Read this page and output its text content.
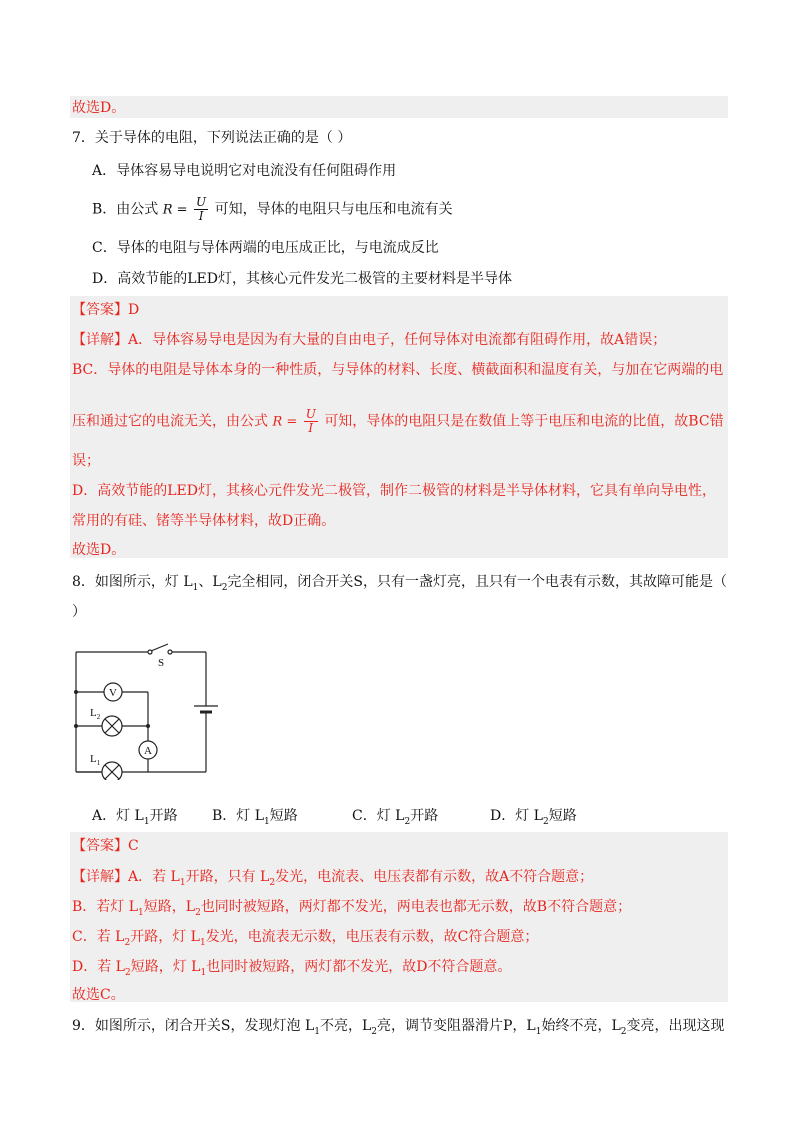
故选D。
7．关于导体的电阻，下列说法正确的是（ ）
A．导体容易导电说明它对电流没有任何阻碍作用
B．由公式 $R = \frac{U}{I}$ 可知，导体的电阻只与电压和电流有关
C．导体的电阻与导体两端的电压成正比，与电流成反比
D．高效节能的LED灯，其核心元件发光二极管的主要材料是半导体
【答案】D
【详解】A．导体容易导电是因为有大量的自由电子，任何导体对电流都有阻碍作用，故A错误；
BC．导体的电阻是导体本身的一种性质，与导体的材料、长度、横截面积和温度有关，与加在它两端的电
压和通过它的电流无关，由公式 $R = \frac{U}{I}$ 可知，导体的电阻只是在数值上等于电压和电流的比值，故BC错
误；
D．高效节能的LED灯，其核心元件发光二极管，制作二极管的材料是半导体材料，它具有单向导电性，
常用的有硅、锗等半导体材料，故D正确。
故选D。
8．如图所示，灯 $L_1$、$L_2$完全相同，闭合开关S，只有一盏灯亮，且只有一个电表有示数，其故障可能是（
）
S
V
A
$L_2$
$L_1$
A．灯 $L_1$开路 B．灯 $L_1$短路	C．灯 $L_2$开路	D．灯 $L_2$短路
【答案】C
【详解】A．若 $L_1$开路，只有 $L_2$发光，电流表、电压表都有示数，故A不符合题意；
B．若灯 $L_1$短路，$L_2$也同时被短路，两灯都不发光，两电表也都无示数，故B不符合题意；
C．若 $L_2$开路，灯 $L_1$发光，电流表无示数，电压表有示数，故C符合题意；
D．若 $L_2$短路，灯 $L_1$也同时被短路，两灯都不发光，故D不符合题意。
故选C。
9．如图所示，闭合开关S，发现灯泡 $L_1$不亮，$L_2$亮，调节变阻器滑片P，$L_1$始终不亮，$L_2$变亮，出现这现
